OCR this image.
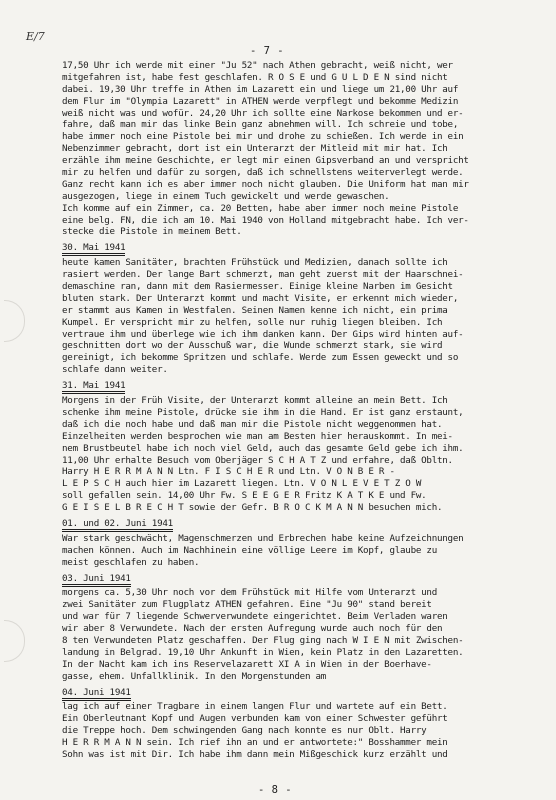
E/7
- 7 -
17,50 Uhr ich werde mit einer "Ju 52" nach Athen gebracht, weiß nicht, wer
mitgefahren ist, habe fest geschlafen. R O S E und G U L D E N sind nicht
dabei. 19,30 Uhr treffe in Athen im Lazarett ein und liege um 21,00 Uhr auf
dem Flur im "Olympia Lazarett" in ATHEN werde verpflegt und bekomme Medizin
weiß nicht was und wofür. 24,20 Uhr ich sollte eine Narkose bekommen und er-
fahre, daß man mir das linke Bein ganz abnehmen will. Ich schreie und tobe,
habe immer noch eine Pistole bei mir und drohe zu schießen. Ich werde in ein
Nebenzimmer gebracht, dort ist ein Unterarzt der Mitleid mit mir hat. Ich
erzähle ihm meine Geschichte, er legt mir einen Gipsverband an und verspricht
mir zu helfen und dafür zu sorgen, daß ich schnellstens weiterverlegt werde.
Ganz recht kann ich es aber immer noch nicht glauben. Die Uniform hat man mir
ausgezogen, liege in einem Tuch gewickelt und werde gewaschen.
Ich komme auf ein Zimmer, ca. 20 Betten, habe aber immer noch meine Pistole
eine belg. FN, die ich am 10. Mai 1940 von Holland mitgebracht habe. Ich ver-
stecke die Pistole in meinem Bett.
30. Mai 1941
heute kamen Sanitäter, brachten Frühstück und Medizien, danach sollte ich
rasiert werden. Der lange Bart schmerzt, man geht zuerst mit der Haarschnei-
demaschine ran, dann mit dem Rasiermesser. Einige kleine Narben im Gesicht
bluten stark. Der Unterarzt kommt und macht Visite, er erkennt mich wieder,
er stammt aus Kamen in Westfalen. Seinen Namen kenne ich nicht, ein prima
Kumpel. Er verspricht mir zu helfen, solle nur ruhig liegen bleiben. Ich
vertraue ihm und überlege wie ich ihm danken kann. Der Gips wird hinten auf-
geschnitten dort wo der Ausschuß war, die Wunde schmerzt stark, sie wird
gereinigt, ich bekomme Spritzen und schlafe. Werde zum Essen geweckt und so
schlafe dann weiter.
31. Mai 1941
Morgens in der Früh Visite, der Unterarzt kommt alleine an mein Bett. Ich
schenke ihm meine Pistole, drücke sie ihm in die Hand. Er ist ganz erstaunt,
daß ich die noch habe und daß man mir die Pistole nicht weggenommen hat.
Einzelheiten werden besprochen wie man am Besten hier herauskommt. In mei-
nem Brustbeutel habe ich noch viel Geld, auch das gesamte Geld gebe ich ihm.
11,00 Uhr erhalte Besuch vom Oberjäger S C H A T Z und erfahre, daß Obltn.
Harry H E R R M A N N Ltn. F I S C H E R und Ltn. V O N B E R -
L E P S C H auch hier im Lazarett liegen. Ltn. V O N L E V E T Z O W
soll gefallen sein. 14,00 Uhr Fw. S E E G E R Fritz K A T K E und Fw.
G E I S E L B R E C H T sowie der Gefr. B R O C K M A N N besuchen mich.
01. und 02. Juni 1941
War stark geschwächt, Magenschmerzen und Erbrechen habe keine Aufzeichnungen
machen können. Auch im Nachhinein eine völlige Leere im Kopf, glaube zu
meist geschlafen zu haben.
03. Juni 1941
morgens ca. 5,30 Uhr noch vor dem Frühstück mit Hilfe vom Unterarzt und
zwei Sanitäter zum Flugplatz ATHEN gefahren. Eine "Ju 90" stand bereit
und war für 7 liegende Schwerverwundete eingerichtet. Beim Verladen waren
wir aber 8 Verwundete. Nach der ersten Aufregung wurde auch noch für den
8 ten Verwundeten Platz geschaffen. Der Flug ging nach W I E N mit Zwischen-
landung in Belgrad. 19,10 Uhr Ankunft in Wien, kein Platz in den Lazaretten.
In der Nacht kam ich ins Reservelazarett XI A in Wien in der Boerhave-
gasse, ehem. Unfallklinik. In den Morgenstunden am
04. Juni 1941
lag ich auf einer Tragbare in einem langen Flur und wartete auf ein Bett.
Ein Oberleutnant Kopf und Augen verbunden kam von einer Schwester geführt
die Treppe hoch. Dem schwingenden Gang nach konnte es nur Oblt. Harry
H E R R M A N N sein. Ich rief ihn an und er antwortete:" Bosshammer mein
Sohn was ist mit Dir. Ich habe ihm dann mein Mißgeschick kurz erzählt und
- 8 -
